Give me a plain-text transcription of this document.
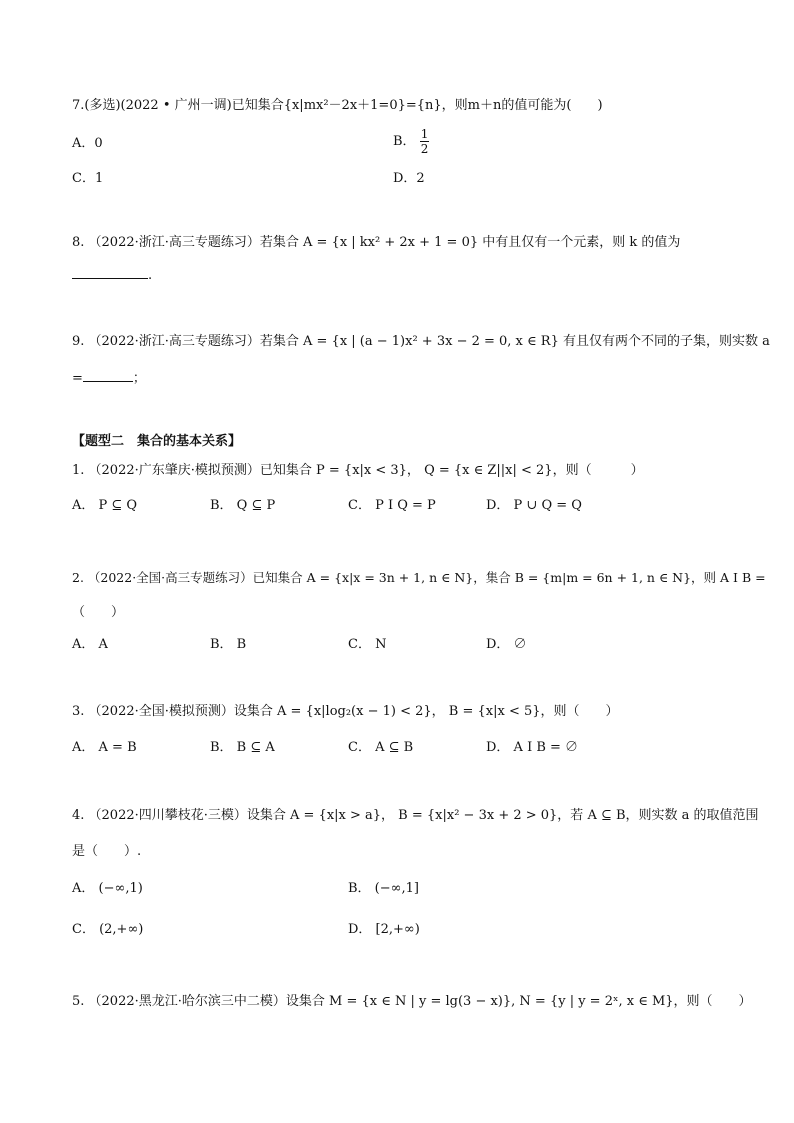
7.(多选)(2022 • 广州一调)已知集合{x|mx²－2x＋1=0}={n}，则m＋n的值可能为(　　)
A．0	B． $\frac{1}{2}$
C．1	D．2
8. （2022·浙江·高三专题练习）若集合 A = {x | kx² + 2x + 1 = 0} 中有且仅有一个元素，则 k 的值为
.
9. （2022·浙江·高三专题练习）若集合 A = {x | (a − 1)x² + 3x − 2 = 0, x ∈ R} 有且仅有两个不同的子集，则实数 a
=	；
【题型二　集合的基本关系】
1. （2022·广东肇庆·模拟预测）已知集合 P = {x|x < 3}， Q = {x ∈ Z||x| < 2}，则（　　　）
A． P ⊆ Q	B． Q ⊆ P	C． P I Q = P	D． P ∪ Q = Q
2. （2022·全国·高三专题练习）已知集合 A = {x|x = 3n + 1, n ∈ N}，集合 B = {m|m = 6n + 1, n ∈ N}，则 A I B =
（　　）
A． A	B． B	C． N	D． ∅
3. （2022·全国·模拟预测）设集合 A = {x|log₂(x − 1) < 2}， B = {x|x < 5}，则（　　）
A． A = B	B． B ⊆ A	C． A ⊆ B	D． A I B = ∅
4. （2022·四川攀枝花·三模）设集合 A = {x|x > a}， B = {x|x² − 3x + 2 > 0}，若 A ⊆ B，则实数 a 的取值范围
是（　　）.
A． (−∞,1)	B． (−∞,1]
C． (2,+∞)	D． [2,+∞)
5. （2022·黑龙江·哈尔滨三中二模）设集合 M = {x ∈ N | y = lg(3 − x)}, N = {y | y = 2ˣ, x ∈ M}，则（　　）
